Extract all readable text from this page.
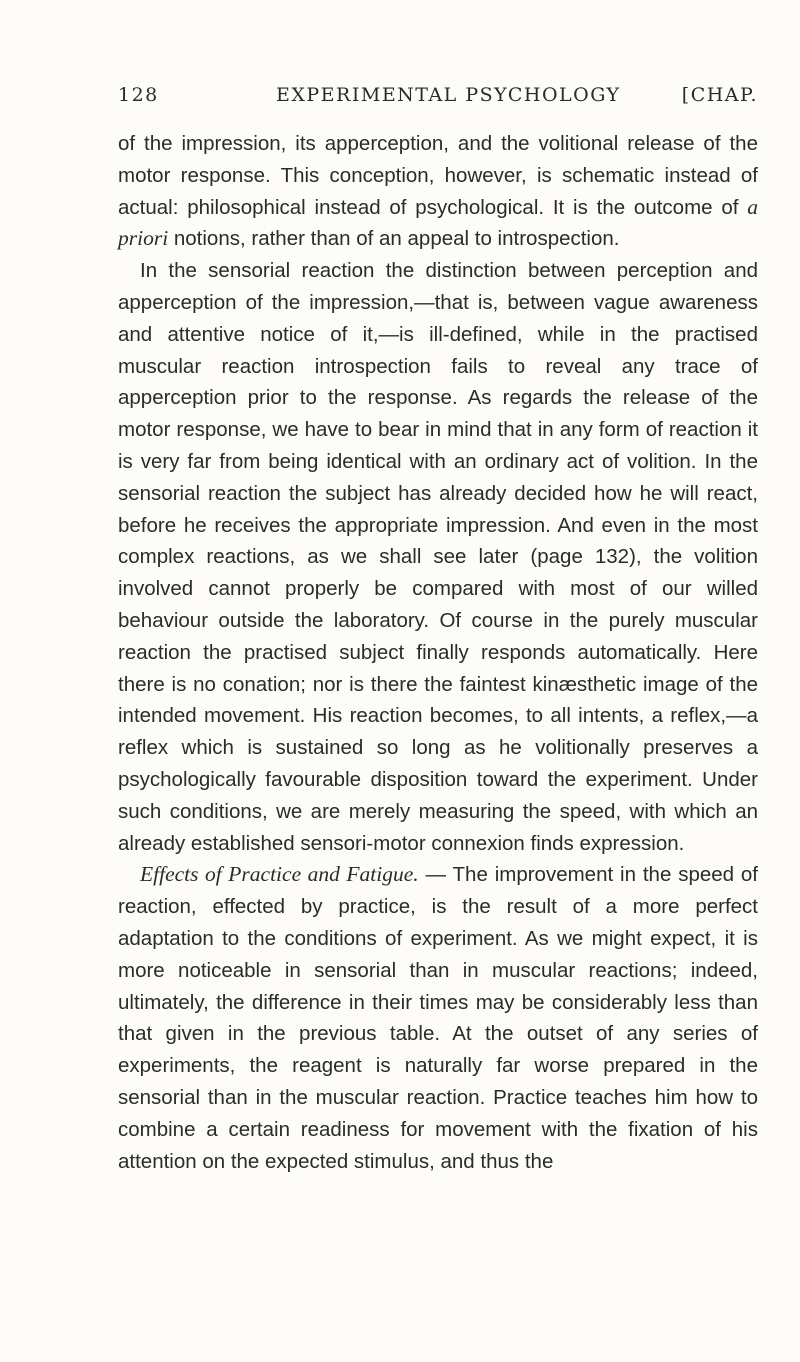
128	EXPERIMENTAL PSYCHOLOGY	[CHAP.

of the impression, its apperception, and the volitional release of the motor response. This conception, however, is schematic instead of actual: philosophical instead of psychological. It is the outcome of a priori notions, rather than of an appeal to introspection.

In the sensorial reaction the distinction between perception and apperception of the impression,—that is, between vague awareness and attentive notice of it,—is ill-defined, while in the practised muscular reaction introspection fails to reveal any trace of apperception prior to the response. As regards the release of the motor response, we have to bear in mind that in any form of reaction it is very far from being identical with an ordinary act of volition. In the sensorial reaction the subject has already decided how he will react, before he receives the appropriate impression. And even in the most complex reactions, as we shall see later (page 132), the volition involved cannot properly be compared with most of our willed behaviour outside the laboratory. Of course in the purely muscular reaction the practised subject finally responds automatically. Here there is no conation; nor is there the faintest kinæsthetic image of the intended movement. His reaction becomes, to all intents, a reflex,—a reflex which is sustained so long as he volitionally preserves a psychologically favourable disposition toward the experiment. Under such conditions, we are merely measuring the speed, with which an already established sensori-motor connexion finds expression.

Effects of Practice and Fatigue. — The improvement in the speed of reaction, effected by practice, is the result of a more perfect adaptation to the conditions of experiment. As we might expect, it is more noticeable in sensorial than in muscular reactions; indeed, ultimately, the difference in their times may be considerably less than that given in the previous table. At the outset of any series of experiments, the reagent is naturally far worse prepared in the sensorial than in the muscular reaction. Practice teaches him how to combine a certain readiness for movement with the fixation of his attention on the expected stimulus, and thus the
